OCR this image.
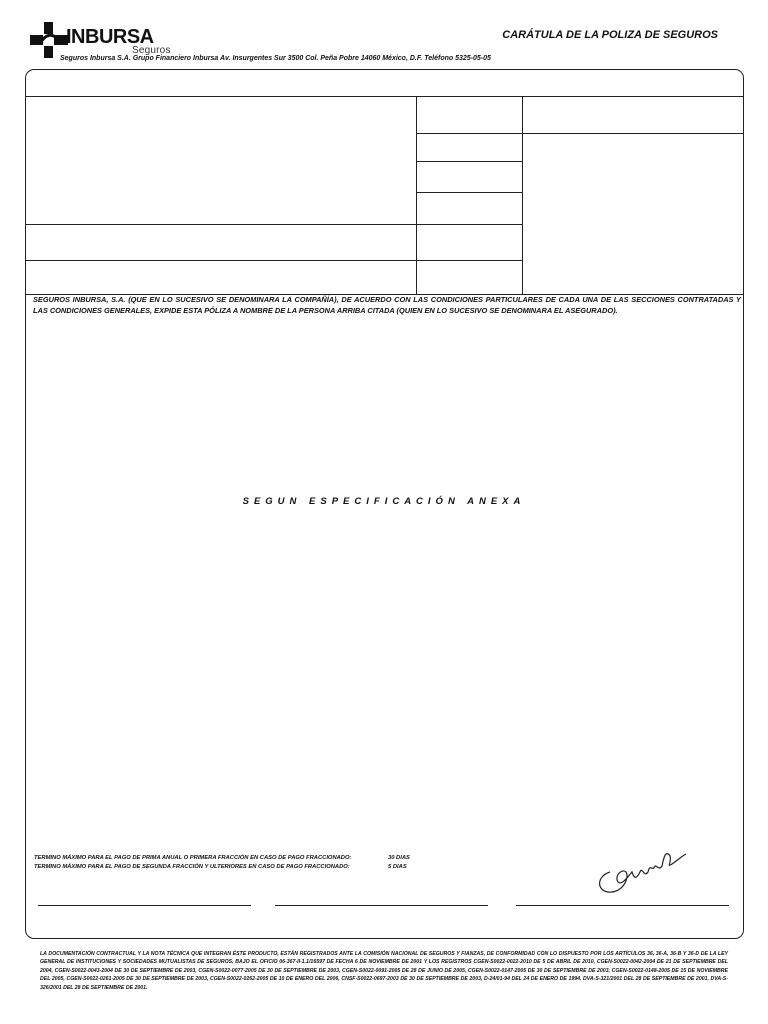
INBURSA
Seguros
CARÁTULA DE LA POLIZA DE SEGUROS
Seguros Inbursa S.A. Grupo Financiero Inbursa Av. Insurgentes Sur 3500 Col. Peña Pobre 14060 México, D.F. Teléfono 5325-05-05
SEGUROS INBURSA, S.A. (QUE EN LO SUCESIVO SE DENOMINARA LA COMPAÑÍA), DE ACUERDO CON LAS CONDICIONES PARTICULARES DE CADA UNA DE LAS SECCIONES CONTRATADAS Y LAS CONDICIONES GENERALES, EXPIDE ESTA PÓLIZA A NOMBRE DE LA PERSONA ARRIBA CITADA (QUIEN EN LO SUCESIVO SE DENOMINARA EL ASEGURADO).
SEGUN ESPECIFICACIÓN ANEXA
TERMINO MÁXIMO PARA EL PAGO DE PRIMA ANUAL O PRIMERA FRACCIÓN EN CASO DE PAGO FRACCIONADO:	30 DIAS
TERMINO MÁXIMO PARA EL PAGO DE SEGUNDA FRACCIÓN Y ULTERIORES EN CASO DE PAGO FRACCIONADO:	5 DIAS
LA DOCUMENTACIÓN CONTRACTUAL Y LA NOTA TÉCNICA QUE INTEGRAN ÉSTE PRODUCTO, ESTÁN REGISTRADOS ANTE LA COMISIÓN NACIONAL DE SEGUROS Y FIANZAS, DE CONFORMIDAD CON LO DISPUESTO POR LOS ARTÍCULOS 36, 36-A, 36-B Y 36-D DE LA LEY GENERAL DE INSTITUCIONES Y SOCIEDADES MUTUALISTAS DE SEGUROS, BAJO EL OFICIO 06-367-II-1.1/16597 DE FECHA 6 DE NOVIEMBRE DE 2001 Y LOS REGISTROS CGEN-S0022-0022-2010 DE 5 DE ABRIL DE 2010, CGEN-S0022-0042-2004 DE 21 DE SEPTIEMBRE DEL 2004, CGEN-S0022-0043-2004 DE 30 DE SEPTIEMBRE DE 2003, CGEN-S0022-0077-2005 DE 30 DE SEPTIEMBRE DE 2003, CGEN-S0022-0091-2005 DE 28 DE JUNIO DE 2005, CGEN-S0022-0147-2005 DE 30 DE SEPTIEMBRE DE 2003, CGEN-S0022-0148-2005 DE 15 DE NOVIEMBRE DEL 2005, CGEN-S0022-0261-2005 DE 30 DE SEPTIEMBRE DE 2003, CGEN-S0022-0262-2005 DE 10 DE ENERO DEL 2006, CNSF-S0022-0697-2003 DE 30 DE SEPTIEMBRE DE 2003, D-24/01-94 DEL 24 DE ENERO DE 1994, DVA-S-321/2001 DEL 28 DE SEPTIEMBRE DE 2001, DVA-S-326/2001 DEL 28 DE SEPTIEMBRE DE 2001.
